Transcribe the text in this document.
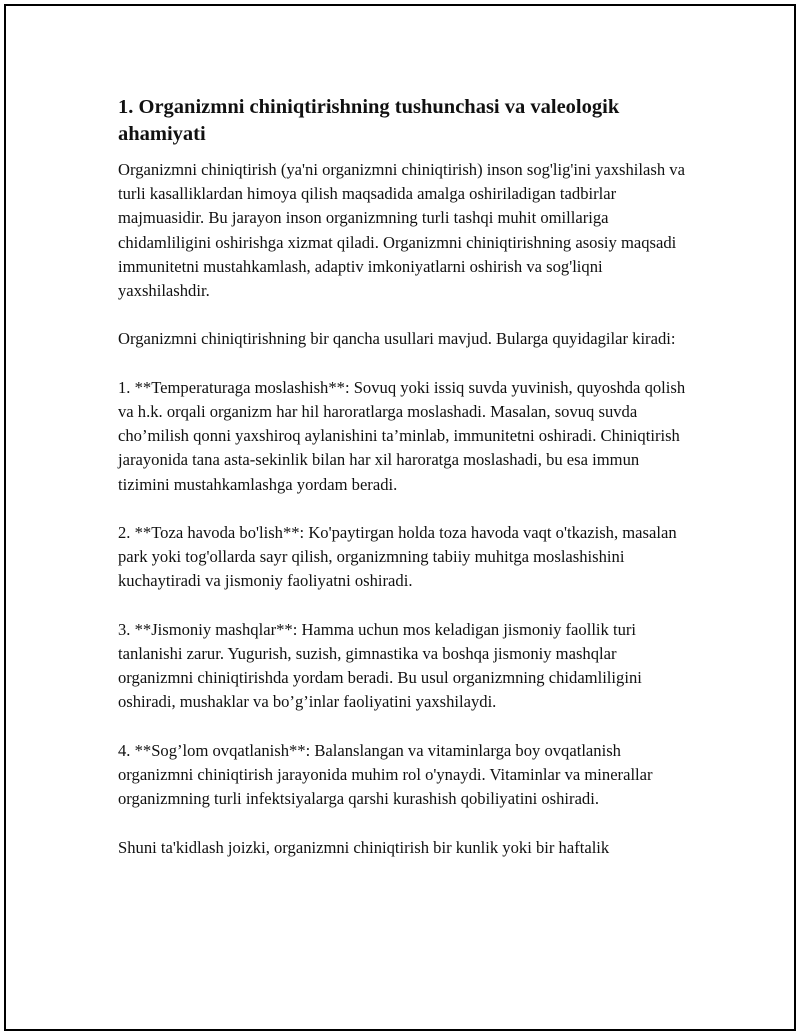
1. Organizmni chiniqtirishning tushunchasi va valeologik ahamiyati

Organizmni chiniqtirish (ya'ni organizmni chiniqtirish) inson sog'lig'ini yaxshilash va turli kasalliklardan himoya qilish maqsadida amalga oshiriladigan tadbirlar majmuasidir. Bu jarayon inson organizmning turli tashqi muhit omillariga chidamliligini oshirishga xizmat qiladi. Organizmni chiniqtirishning asosiy maqsadi immunitetni mustahkamlash, adaptiv imkoniyatlarni oshirish va sog'liqni yaxshilashdir.

Organizmni chiniqtirishning bir qancha usullari mavjud. Bularga quyidagilar kiradi:

1. **Temperaturaga moslashish**: Sovuq yoki issiq suvda yuvinish, quyoshda qolish va h.k. orqali organizm har hil haroratlarga moslashadi. Masalan, sovuq suvda cho’milish qonni yaxshiroq aylanishini ta’minlab, immunitetni oshiradi. Chiniqtirish jarayonida tana asta-sekinlik bilan har xil haroratga moslashadi, bu esa immun tizimini mustahkamlashga yordam beradi.

2. **Toza havoda bo'lish**: Ko'paytirgan holda toza havoda vaqt o'tkazish, masalan park yoki tog'ollarda sayr qilish, organizmning tabiiy muhitga moslashishini kuchaytiradi va jismoniy faoliyatni oshiradi.

3. **Jismoniy mashqlar**: Hamma uchun mos keladigan jismoniy faollik turi tanlanishi zarur. Yugurish, suzish, gimnastika va boshqa jismoniy mashqlar organizmni chiniqtirishda yordam beradi. Bu usul organizmning chidamliligini oshiradi, mushaklar va bo’g’inlar faoliyatini yaxshilaydi.

4. **Sog’lom ovqatlanish**: Balanslangan va vitaminlarga boy ovqatlanish organizmni chiniqtirish jarayonida muhim rol o'ynaydi. Vitaminlar va minerallar organizmning turli infektsiyalarga qarshi kurashish qobiliyatini oshiradi.

Shuni ta'kidlash joizki, organizmni chiniqtirish bir kunlik yoki bir haftalik
